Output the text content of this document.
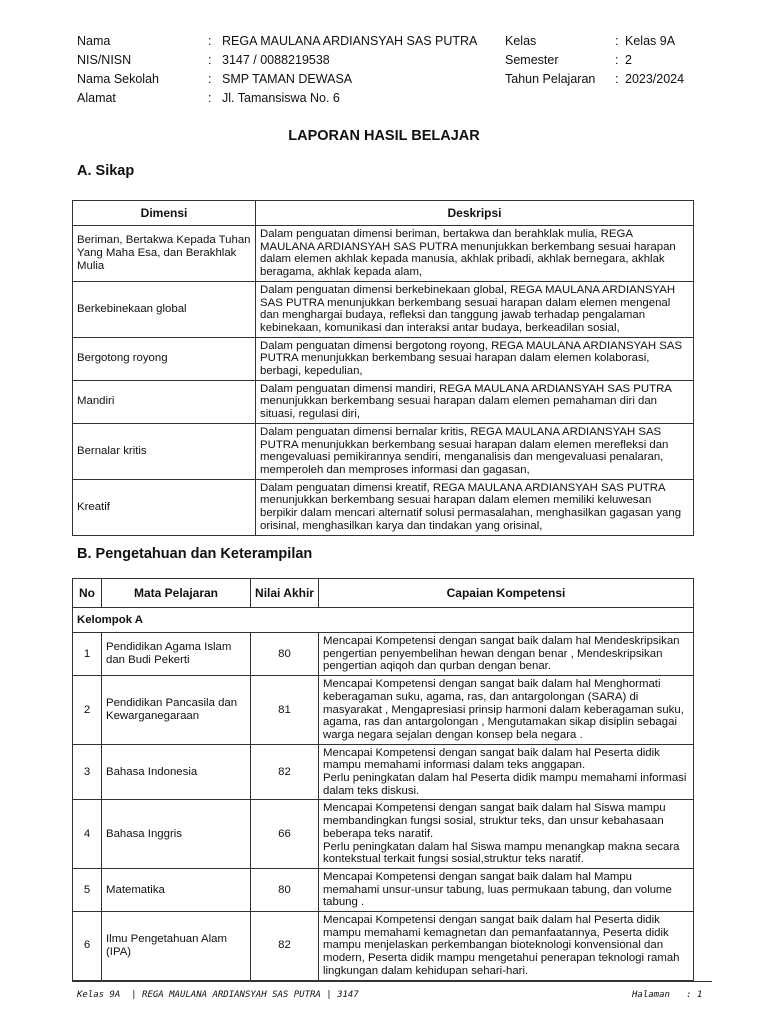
Nama	: REGA MAULANA ARDIANSYAH SAS PUTRA Kelas	: Kelas 9A
NIS/NISN	: 3147 / 0088219538	Semester	: 2
Nama Sekolah	: SMP TAMAN DEWASA	Tahun Pelajaran : 2023/2024
Alamat	: Jl. Tamansiswa No. 6
LAPORAN HASIL BELAJAR
A. Sikap
Dimensi	Deskripsi
Beriman, Bertakwa Kepada Tuhan Yang Maha Esa, dan Berakhlak Mulia	Dalam penguatan dimensi beriman, bertakwa dan berahklak mulia, REGA MAULANA ARDIANSYAH SAS PUTRA menunjukkan berkembang sesuai harapan dalam elemen akhlak kepada manusia, akhlak pribadi, akhlak bernegara, akhlak beragama, akhlak kepada alam,
Berkebinekaan global	Dalam penguatan dimensi berkebinekaan global, REGA MAULANA ARDIANSYAH SAS PUTRA menunjukkan berkembang sesuai harapan dalam elemen mengenal dan menghargai budaya, refleksi dan tanggung jawab terhadap pengalaman kebinekaan, komunikasi dan interaksi antar budaya, berkeadilan sosial,
Bergotong royong	Dalam penguatan dimensi bergotong royong, REGA MAULANA ARDIANSYAH SAS PUTRA menunjukkan berkembang sesuai harapan dalam elemen kolaborasi, berbagi, kepedulian,
Mandiri	Dalam penguatan dimensi mandiri, REGA MAULANA ARDIANSYAH SAS PUTRA menunjukkan berkembang sesuai harapan dalam elemen pemahaman diri dan situasi, regulasi diri,
Bernalar kritis	Dalam penguatan dimensi bernalar kritis, REGA MAULANA ARDIANSYAH SAS PUTRA menunjukkan berkembang sesuai harapan dalam elemen merefleksi dan mengevaluasi pemikirannya sendiri, menganalisis dan mengevaluasi penalaran, memperoleh dan memproses informasi dan gagasan,
Kreatif	Dalam penguatan dimensi kreatif, REGA MAULANA ARDIANSYAH SAS PUTRA menunjukkan berkembang sesuai harapan dalam elemen memiliki keluwesan berpikir dalam mencari alternatif solusi permasalahan, menghasilkan gagasan yang orisinal, menghasilkan karya dan tindakan yang orisinal,
B. Pengetahuan dan Keterampilan
No	Mata Pelajaran	Nilai Akhir	Capaian Kompetensi
Kelompok A			
1	Pendidikan Agama Islam dan Budi Pekerti	80	Mencapai Kompetensi dengan sangat baik dalam hal Mendeskripsikan pengertian penyembelihan hewan dengan benar , Mendeskripsikan pengertian aqiqoh dan qurban dengan benar.
2	Pendidikan Pancasila dan Kewarganegaraan	81	Mencapai Kompetensi dengan sangat baik dalam hal Menghormati keberagaman suku, agama, ras, dan antargolongan (SARA) di masyarakat , Mengapresiasi prinsip harmoni dalam keberagaman suku, agama, ras dan antargolongan , Mengutamakan sikap disiplin sebagai warga negara sejalan dengan konsep bela negara .
3	Bahasa Indonesia	82	Mencapai Kompetensi dengan sangat baik dalam hal Peserta didik mampu memahami informasi dalam teks anggapan.
Perlu peningkatan dalam hal Peserta didik mampu memahami informasi dalam teks diskusi.
4	Bahasa Inggris	66	Mencapai Kompetensi dengan sangat baik dalam hal Siswa mampu membandingkan fungsi sosial, struktur teks, dan unsur kebahasaan beberapa teks naratif.
Perlu peningkatan dalam hal Siswa mampu menangkap makna secara kontekstual terkait fungsi sosial,struktur teks naratif.
5	Matematika	80	Mencapai Kompetensi dengan sangat baik dalam hal Mampu memahami unsur-unsur tabung, luas permukaan tabung, dan volume tabung .
6	Ilmu Pengetahuan Alam (IPA)	82	Mencapai Kompetensi dengan sangat baik dalam hal Peserta didik mampu memahami kemagnetan dan pemanfaatannya, Peserta didik mampu menjelaskan perkembangan bioteknologi konvensional dan modern, Peserta didik mampu mengetahui penerapan teknologi ramah lingkungan dalam kehidupan sehari-hari.
Kelas 9A  | REGA MAULANA ARDIANSYAH SAS PUTRA | 3147	Halaman   : 1
